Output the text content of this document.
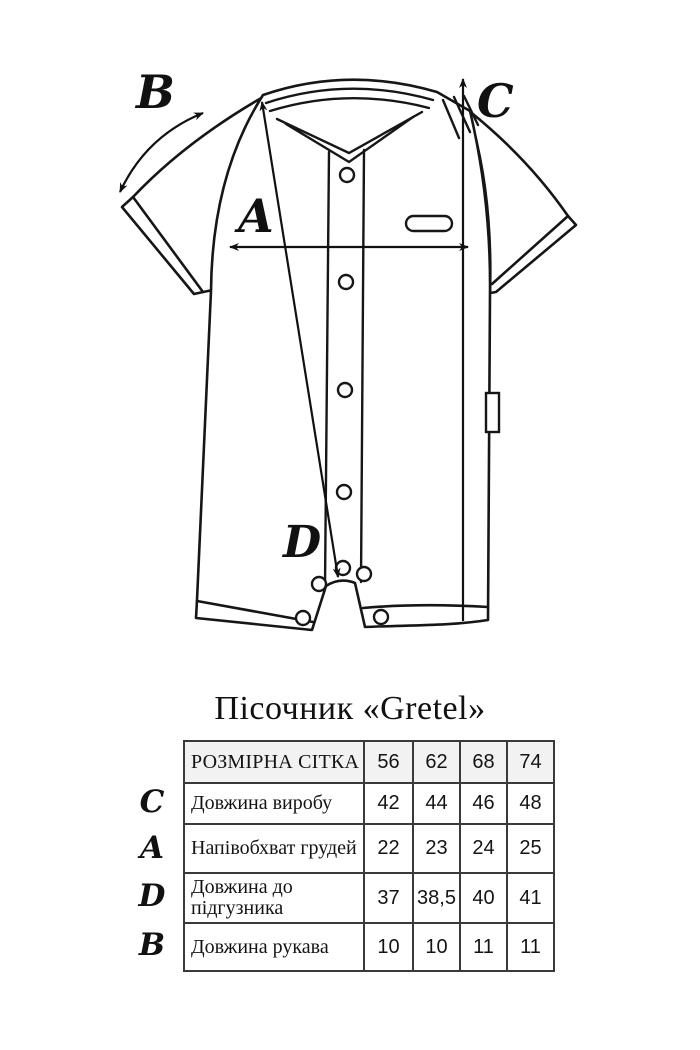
A
B	C
D
Пісочник «Gretel»
РОЗМІРНА СІТКА	56	62	68	74
Довжина виробу	42	44	46	48
Напівобхват грудей	22	23	24	25
Довжина до підгузника	37	38,5	40	41
Довжина рукава	10	10	11	11
C
A
D
B
